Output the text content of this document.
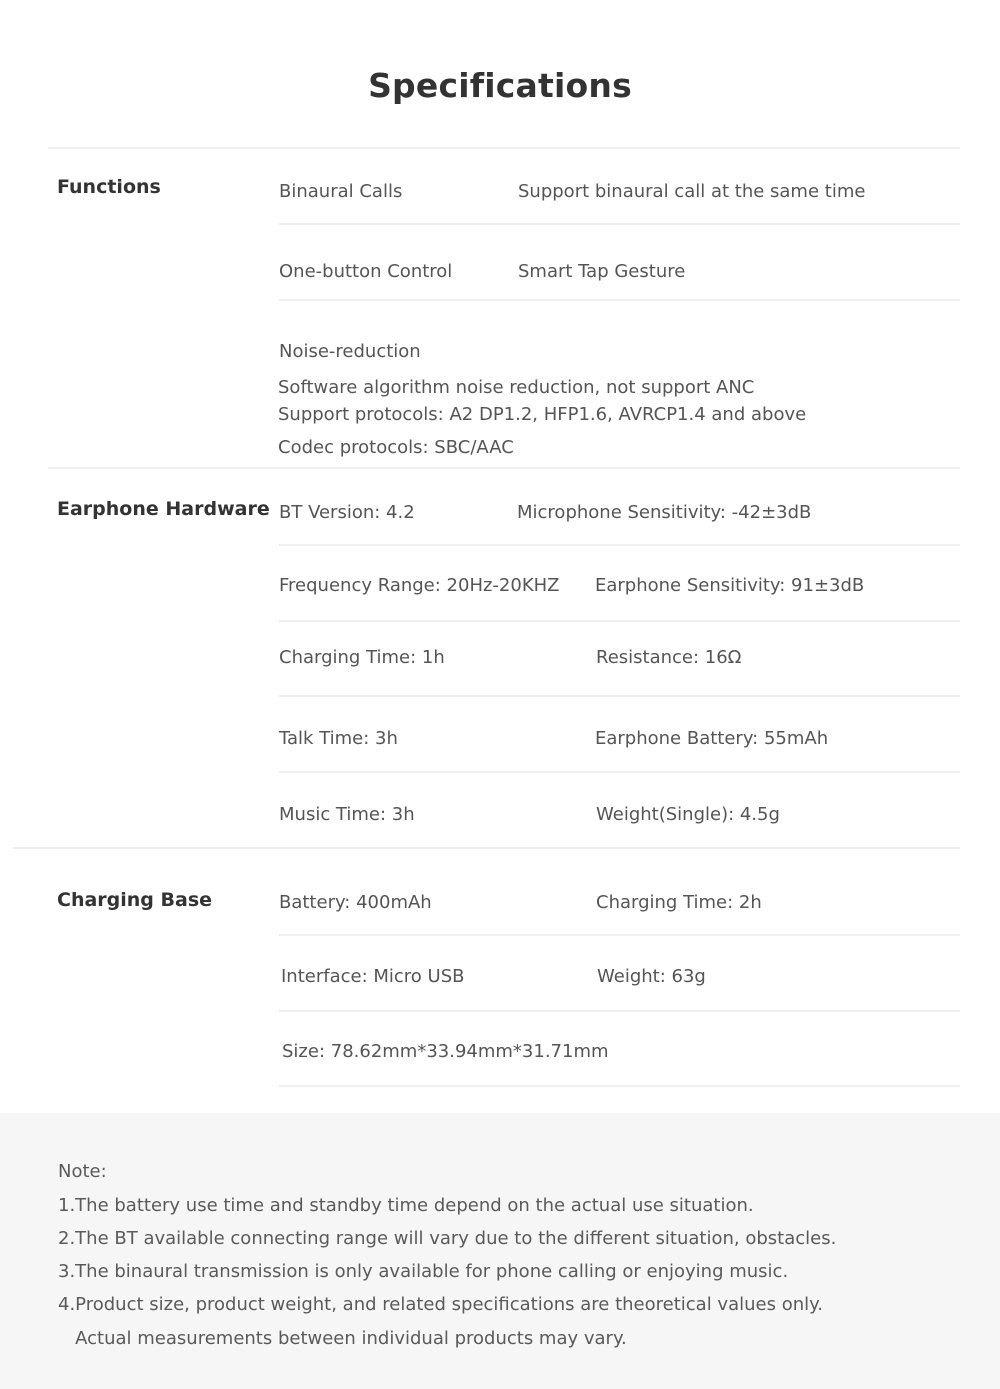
Specifications
Functions	Binaural Calls	Support binaural call at the same time
One-button Control	Smart Tap Gesture
Noise-reduction
Software algorithm noise reduction, not support ANC
Support protocols: A2 DP1.2, HFP1.6, AVRCP1.4 and above
Codec protocols: SBC/AAC
Earphone Hardware BT Version: 4.2	Microphone Sensitivity: -42±3dB
Frequency Range: 20Hz-20KHZ Earphone Sensitivity: 91±3dB
Charging Time: 1h	Resistance: 16Ω
Talk Time: 3h	Earphone Battery: 55mAh
Music Time: 3h	Weight(Single): 4.5g
Charging Base	Battery: 400mAh	Charging Time: 2h
Interface: Micro USB	Weight: 63g
Size: 78.62mm*33.94mm*31.71mm
Note:
1.The battery use time and standby time depend on the actual use situation.
2.The BT available connecting range will vary due to the different situation, obstacles.
3.The binaural transmission is only available for phone calling or enjoying music.
4.Product size, product weight, and related specifications are theoretical values only.
Actual measurements between individual products may vary.
